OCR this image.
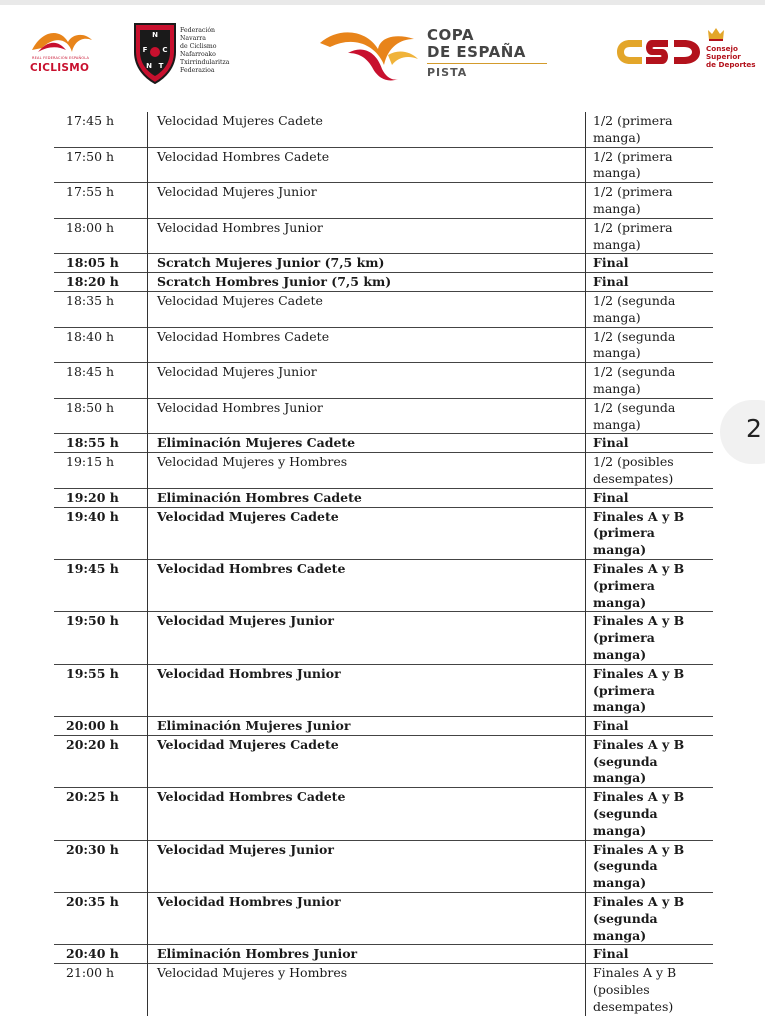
REAL FEDERACIÓN ESPAÑOLA
CICLISMO
N
F C
N T
Federación
Navarra
de Ciclismo
Nafarroako
Txirrindularitza
Federazioa
COPA
DE ESPAÑA
PISTA
Consejo
Superior
de Deportes
17:45 h	Velocidad Mujeres Cadete	1/2 (primera manga)
17:50 h	Velocidad Hombres Cadete	1/2 (primera manga)
17:55 h	Velocidad Mujeres Junior	1/2 (primera manga)
18:00 h	Velocidad Hombres Junior	1/2 (primera manga)
18:05 h	Scratch Mujeres Junior (7,5 km)	Final
18:20 h	Scratch Hombres Junior (7,5 km)	Final
18:35 h	Velocidad Mujeres Cadete	1/2 (segunda manga)
18:40 h	Velocidad Hombres Cadete	1/2 (segunda manga)
18:45 h	Velocidad Mujeres Junior	1/2 (segunda manga)
18:50 h	Velocidad Hombres Junior	1/2 (segunda manga)
18:55 h	Eliminación Mujeres Cadete	Final
19:15 h	Velocidad Mujeres y Hombres	1/2 (posibles desempates)
19:20 h	Eliminación Hombres Cadete	Final
19:40 h	Velocidad Mujeres Cadete	Finales A y B (primera manga)
19:45 h	Velocidad Hombres Cadete	Finales A y B (primera manga)
19:50 h	Velocidad Mujeres Junior	Finales A y B (primera manga)
19:55 h	Velocidad Hombres Junior	Finales A y B (primera manga)
20:00 h	Eliminación Mujeres Junior	Final
20:20 h	Velocidad Mujeres Cadete	Finales A y B (segunda manga)
20:25 h	Velocidad Hombres Cadete	Finales A y B (segunda manga)
20:30 h	Velocidad Mujeres Junior	Finales A y B (segunda manga)
20:35 h	Velocidad Hombres Junior	Finales A y B (segunda manga)
20:40 h	Eliminación Hombres Junior	Final
21:00 h	Velocidad Mujeres y Hombres	Finales A y B (posibles desempates)
2
